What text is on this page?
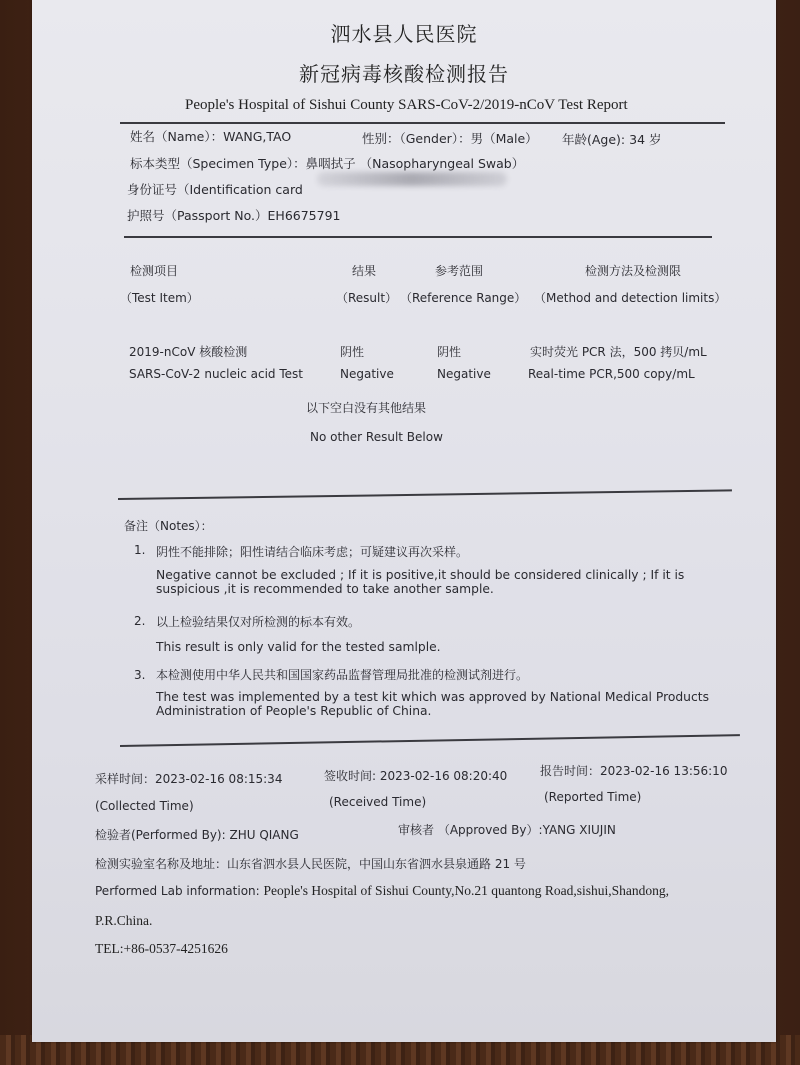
泗水县人民医院
新冠病毒核酸检测报告
People's Hospital of Sishui County SARS-CoV-2/2019-nCoV Test Report
姓名（Name）：WANG,TAO	性别：（Gender）：男（Male） 年龄(Age): 34 岁
标本类型（Specimen Type）：鼻咽拭子 （Nasopharyngeal Swab）
身份证号（Identification card
护照号（Passport No.）EH6675791
检测项目	结果	参考范围	检测方法及检测限
（Test Item）	（Result） （Reference Range） （Method and detection limits）
2019-nCoV 核酸检测	阴性	阴性	实时荧光 PCR 法，500 拷贝/mL
SARS-CoV-2 nucleic acid Test	Negative	Negative	Real-time PCR,500 copy/mL
以下空白没有其他结果
No other Result Below
备注（Notes）：
1. 阴性不能排除；阳性请结合临床考虑；可疑建议再次采样。
Negative cannot be excluded ; If it is positive,it should be considered clinically ; If it is suspicious ,it is recommended to take another sample.
2. 以上检验结果仅对所检测的标本有效。
This result is only valid for the tested samlple.
3. 本检测使用中华人民共和国国家药品监督管理局批准的检测试剂进行。
The test was implemented by a test kit which was approved by National Medical Products Administration of People's Republic of China.
采样时间：2023-02-16 08:15:34	签收时间: 2023-02-16 08:20:40	报告时间：2023-02-16 13:56:10
(Collected Time)	(Received Time)	(Reported Time)
检验者(Performed By): ZHU QIANG	审核者 （Approved By）:YANG XIUJIN
检测实验室名称及地址：山东省泗水县人民医院，中国山东省泗水县泉通路 21 号
Performed Lab information: People's Hospital of Sishui County,No.21 quantong Road,sishui,Shandong,
P.R.China.
TEL:+86-0537-4251626
